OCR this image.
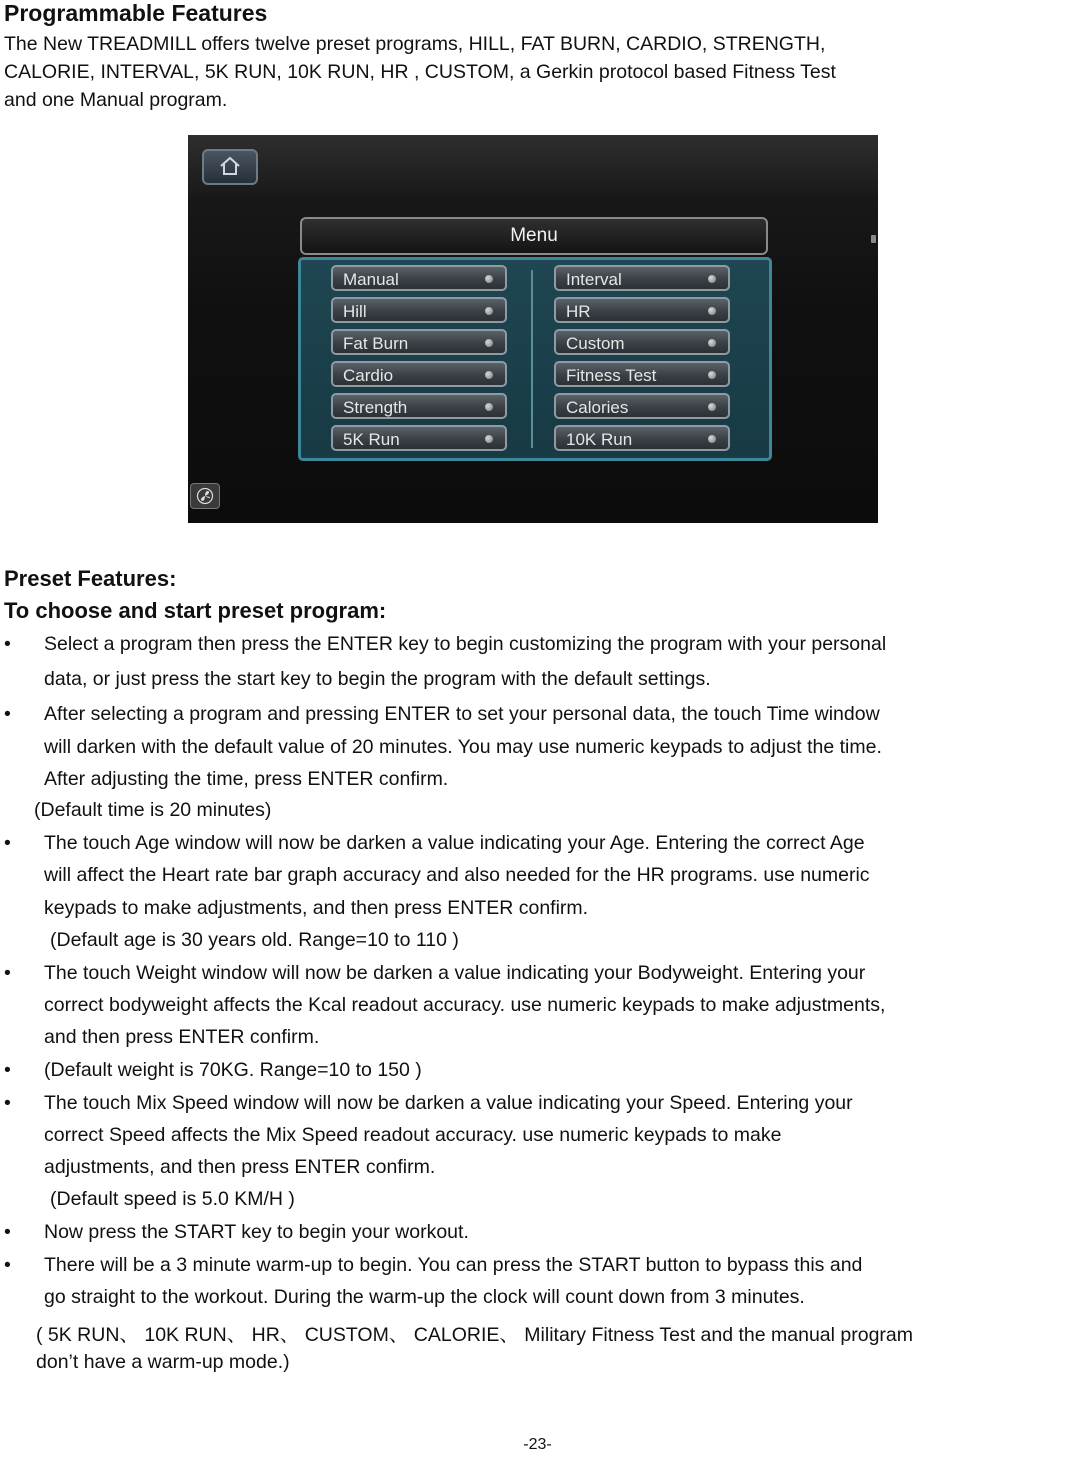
Programmable Features
The New TREADMILL offers twelve preset programs, HILL, FAT BURN, CARDIO, STRENGTH,
CALORIE, INTERVAL, 5K RUN, 10K RUN, HR , CUSTOM, a Gerkin protocol based Fitness Test
and one Manual program.
Menu
Manual
Hill
Fat Burn
Cardio
Strength
5K Run
Interval
HR
Custom
Fitness Test
Calories
10K Run
Preset Features:
To choose and start preset program:
• Select a program then press the ENTER key to begin customizing the program with your personal
data, or just press the start key to begin the program with the default settings.
• After selecting a program and pressing ENTER to set your personal data, the touch Time window
will darken with the default value of 20 minutes. You may use numeric keypads to adjust the time.
After adjusting the time, press ENTER confirm.
(Default time is 20 minutes)
• The touch Age window will now be darken a value indicating your Age. Entering the correct Age
will affect the Heart rate bar graph accuracy and also needed for the HR programs. use numeric
keypads to make adjustments, and then press ENTER confirm.
(Default age is 30 years old. Range=10 to 110 )
• The touch Weight window will now be darken a value indicating your Bodyweight. Entering your
correct bodyweight affects the Kcal readout accuracy. use numeric keypads to make adjustments,
and then press ENTER confirm.
• (Default weight is 70KG. Range=10 to 150 )
• The touch Mix Speed window will now be darken a value indicating your Speed. Entering your
correct Speed affects the Mix Speed readout accuracy. use numeric keypads to make
adjustments, and then press ENTER confirm.
(Default speed is 5.0 KM/H )
• Now press the START key to begin your workout.
• There will be a 3 minute warm-up to begin. You can press the START button to bypass this and
go straight to the workout. During the warm-up the clock will count down from 3 minutes.
( 5K RUN、 10K RUN、 HR、 CUSTOM、 CALORIE、 Military Fitness Test and the manual program
don’t have a warm-up mode.)
-23-
